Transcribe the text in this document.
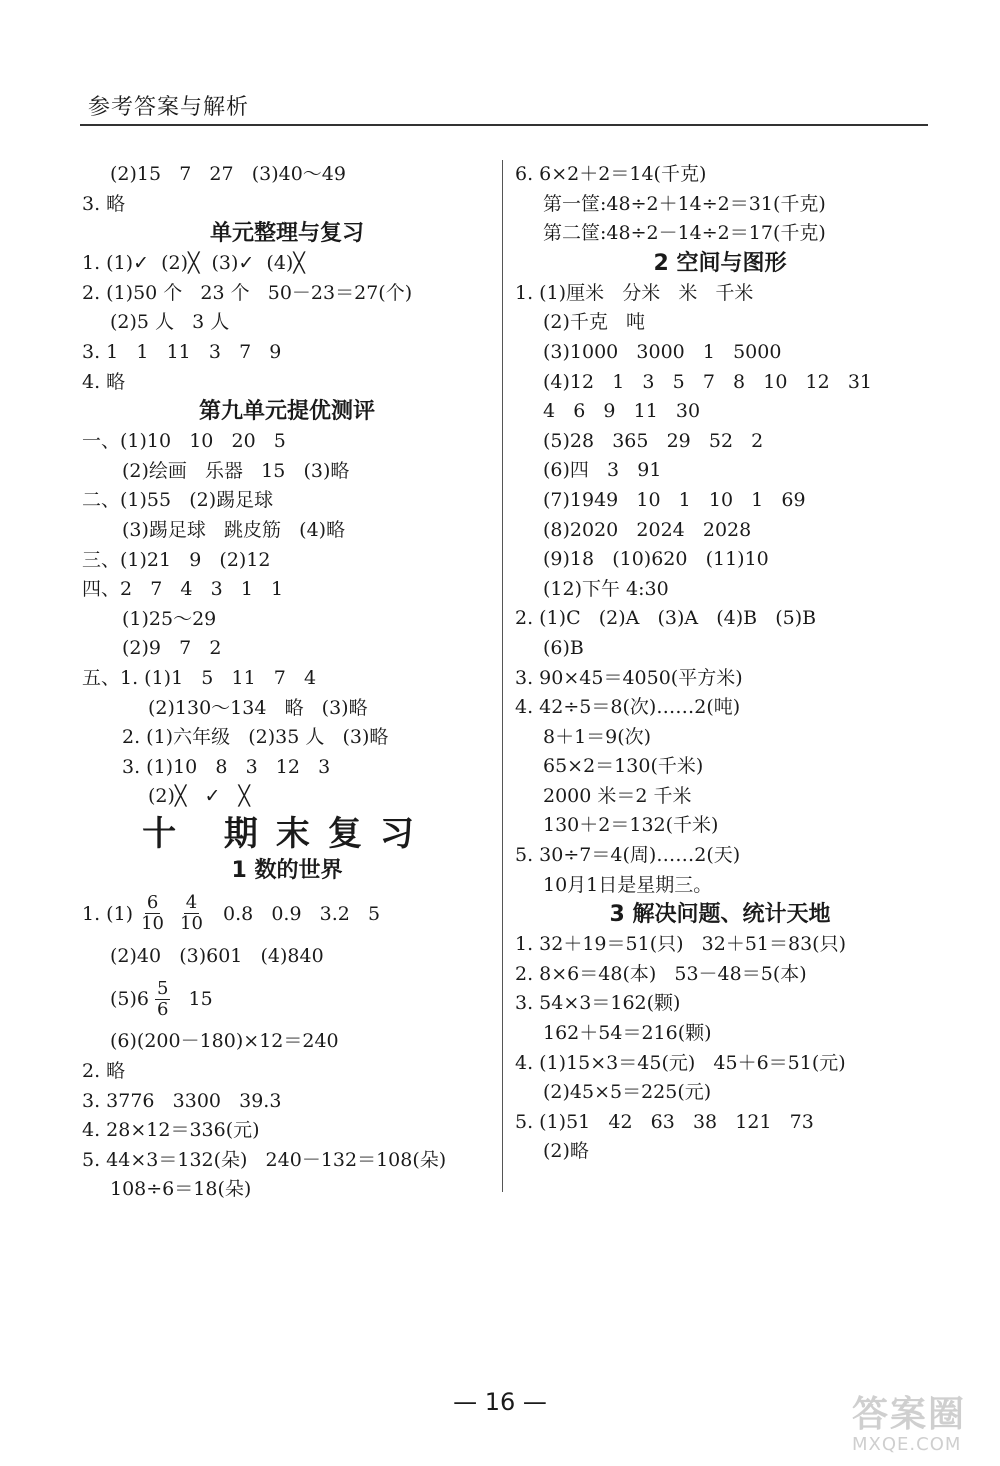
参考答案与解析
(2)15   7   27   (3)40～49
3. 略
单元整理与复习
1. (1)✓  (2)╳  (3)✓  (4)╳
2. (1)50 个   23 个   50－23＝27(个)
(2)5 人   3 人
3. 1   1   11   3   7   9
4. 略
第九单元提优测评
一、(1)10   10   20   5
(2)绘画   乐器   15   (3)略
二、(1)55   (2)踢足球
(3)踢足球   跳皮筋   (4)略
三、(1)21   9   (2)12
四、2   7   4   3   1   1
(1)25～29
(2)9   7   2
五、1. (1)1   5   11   7   4
(2)130～134   略   (3)略
2. (1)六年级   (2)35 人   (3)略
3. (1)10   8   3   12   3
(2)╳   ✓   ╳
十 期末复习
1 数的世界
1. $(1) \frac{6}{10} \frac{4}{10} 0.8$   0.9   3.2   5
(2)40   (3)601   (4)840
$(5)6 \frac{5}{6} 15$
(6)(200－180)×12＝240
2. 略
3. 3776   3300   39.3
4. 28×12＝336(元)
5. 44×3＝132(朵)   240－132＝108(朵)
108÷6＝18(朵)
6. 6×2＋2＝14(千克)
第一筐:48÷2＋14÷2＝31(千克)
第二筐:48÷2－14÷2＝17(千克)
2 空间与图形
1. (1)厘米   分米   米   千米
(2)千克   吨
(3)1000   3000   1   5000
(4)12   1   3   5   7   8   10   12   31
4   6   9   11   30
(5)28   365   29   52   2
(6)四   3   91
(7)1949   10   1   10   1   69
(8)2020   2024   2028
(9)18   (10)620   (11)10
(12)下午 4:30
2. (1)C   (2)A   (3)A   (4)B   (5)B
(6)B
3. 90×45＝4050(平方米)
4. 42÷5＝8(次)……2(吨)
8＋1＝9(次)
65×2＝130(千米)
2000 米＝2 千米
130＋2＝132(千米)
5. 30÷7＝4(周)……2(天)
10月1日是星期三。
3 解决问题、统计天地
1. 32＋19＝51(只)   32＋51＝83(只)
2. 8×6＝48(本)   53－48＝5(本)
3. 54×3＝162(颗)
162＋54＝216(颗)
4. (1)15×3＝45(元)   45＋6＝51(元)
(2)45×5＝225(元)
5. (1)51   42   63   38   121   73
(2)略
— 16 —	答案圈
MXQE.COM
